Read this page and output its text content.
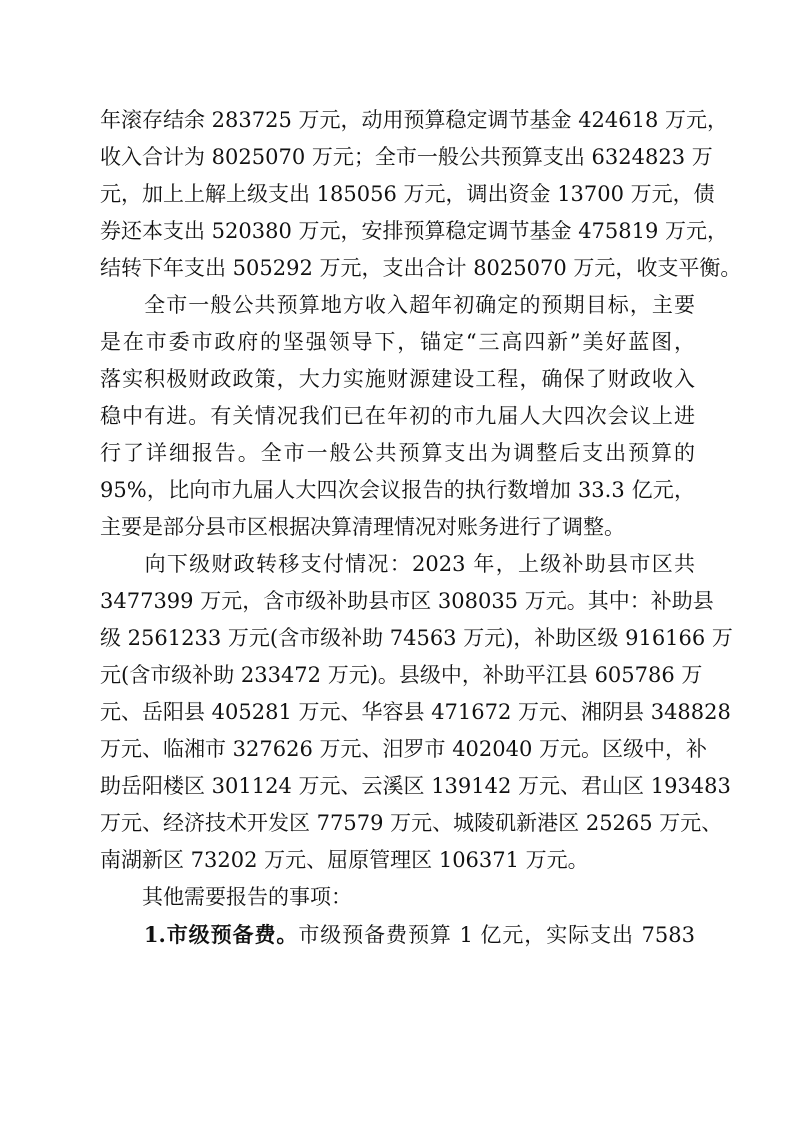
年滚存结余 283725 万元，动用预算稳定调节基金 424618 万元，
收入合计为 8025070 万元；全市一般公共预算支出 6324823 万
元，加上上解上级支出 185056 万元，调出资金 13700 万元，债
券还本支出 520380 万元，安排预算稳定调节基金 475819 万元，
结转下年支出 505292 万元，支出合计 8025070 万元，收支平衡。
　　全市一般公共预算地方收入超年初确定的预期目标，主要
是在市委市政府的坚强领导下，锚定“三高四新”美好蓝图，
落实积极财政政策，大力实施财源建设工程，确保了财政收入
稳中有进。有关情况我们已在年初的市九届人大四次会议上进
行了详细报告。全市一般公共预算支出为调整后支出预算的
95%，比向市九届人大四次会议报告的执行数增加 33.3 亿元，
主要是部分县市区根据决算清理情况对账务进行了调整。
　　向下级财政转移支付情况：2023 年，上级补助县市区共
3477399 万元，含市级补助县市区 308035 万元。其中：补助县
级 2561233 万元(含市级补助 74563 万元)，补助区级 916166 万
元(含市级补助 233472 万元)。县级中，补助平江县 605786 万
元、岳阳县 405281 万元、华容县 471672 万元、湘阴县 348828
万元、临湘市 327626 万元、汨罗市 402040 万元。区级中，补
助岳阳楼区 301124 万元、云溪区 139142 万元、君山区 193483
万元、经济技术开发区 77579 万元、城陵矶新港区 25265 万元、
南湖新区 73202 万元、屈原管理区 106371 万元。
　　其他需要报告的事项：
　　1.市级预备费。市级预备费预算 1 亿元，实际支出 7583
